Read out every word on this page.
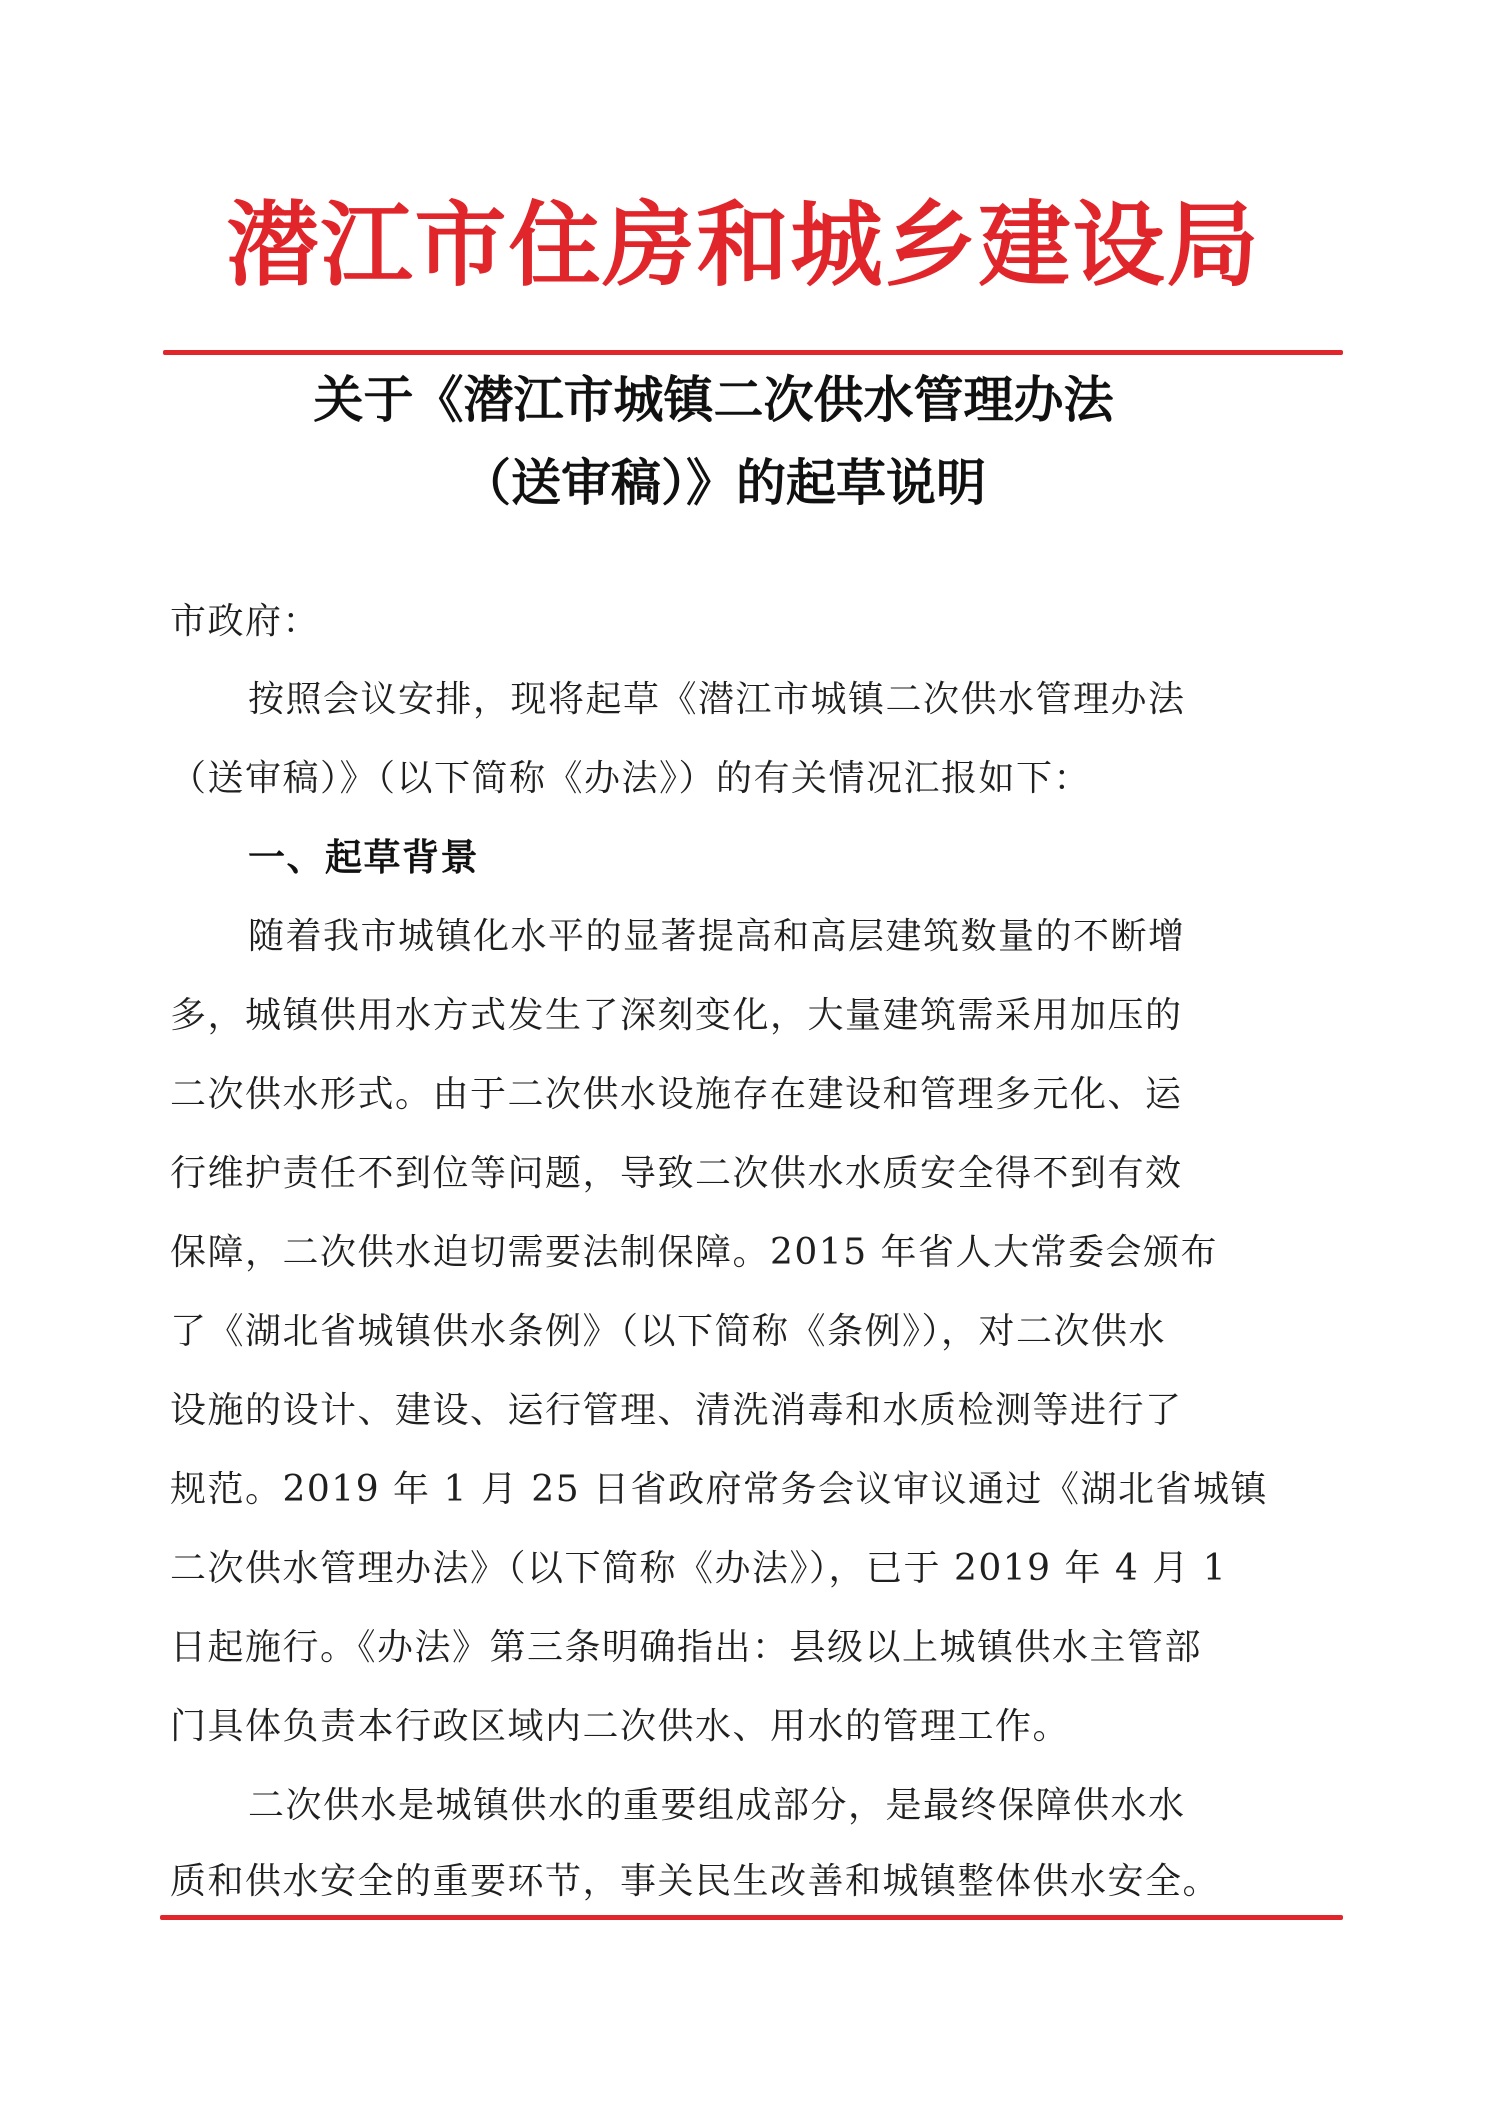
潜江市住房和城乡建设局
关于《潜江市城镇二次供水管理办法
（送审稿）》的起草说明
市政府：
按照会议安排，现将起草《潜江市城镇二次供水管理办法
（送审稿）》（以下简称《办法》）的有关情况汇报如下：
一、起草背景
随着我市城镇化水平的显著提高和高层建筑数量的不断增
多，城镇供用水方式发生了深刻变化，大量建筑需采用加压的
二次供水形式。由于二次供水设施存在建设和管理多元化、运
行维护责任不到位等问题，导致二次供水水质安全得不到有效
保障，二次供水迫切需要法制保障。2015 年省人大常委会颁布
了《湖北省城镇供水条例》（以下简称《条例》），对二次供水
设施的设计、建设、运行管理、清洗消毒和水质检测等进行了
规范。2019 年 1 月 25 日省政府常务会议审议通过《湖北省城镇
二次供水管理办法》（以下简称《办法》），已于 2019 年 4 月 1
日起施行。《办法》第三条明确指出：县级以上城镇供水主管部
门具体负责本行政区域内二次供水、用水的管理工作。
二次供水是城镇供水的重要组成部分，是最终保障供水水
质和供水安全的重要环节，事关民生改善和城镇整体供水安全。
